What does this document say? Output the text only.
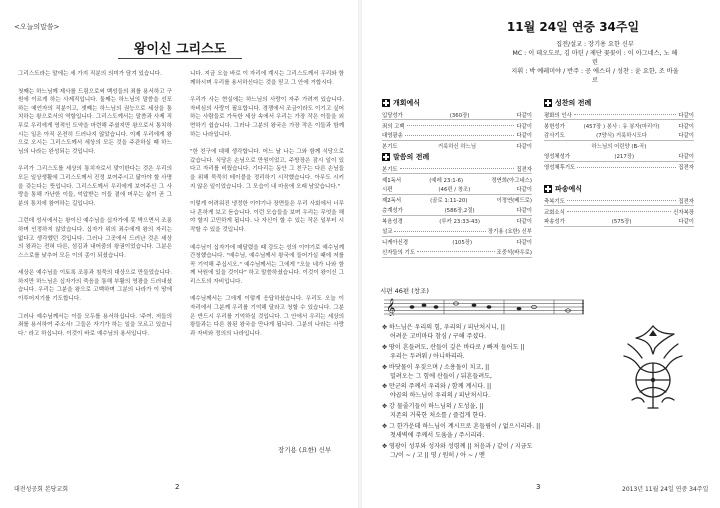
<오늘의말씀>
왕이신 그리스도

그리스도라는 말에는 세 가지 직분의 의미가 담겨 있습니다.

첫째는 하느님께 제사를 드림으로써 백성들의 죄를 용서하고 구원에 이르게 하는 사제직입니다. 둘째는 하느님의 말씀을 선포하는 예언자의 직분이고, 셋째는 하느님의 권능으로 세상을 통치하는 왕으로서의 역할입니다. 그리스도께서는 말씀과 사제 직무로 우리에게 영적인 도약을 마련해 주셨지만 왕으로서 통치하시는 일은 아직 온전히 드러나지 않았습니다. 이제 우리에게 왕으로 오시는 그리스도께서 세상의 모든 것을 주관하실 때 하느님의 나라는 완성되는 것입니다.

우리가 그리스도를 세상의 통치자로서 맞이한다는 것은 우리의 모든 일상생활에 그리스도께서 진정 보여주시고 닮아야 할 사명을 갖는다는 뜻입니다. 그리스도께서 우리에게 보여주신 그 사랑을 통해 가난한 이들, 억압받는 이들 곁에 머무는 삶이 곧 그분의 통치에 참여하는 길입니다.

그런데 성서에서는 왕이신 예수님을 십자가에 못 박으면서 조롱하며 인정하지 않았습니다. 십자가 위의 죄수에게 왕의 자리는 없다고 생각했던 것입니다. 그러나 그곳에서 드러난 것은 세상의 왕과는 전혀 다른, 섬김과 내어줌의 왕권이었습니다. 그분은 스스로를 낮추어 모든 이의 종이 되셨습니다.

세상은 예수님을 이토록 조롱과 침묵의 대상으로 만들었습니다. 하지만 하느님은 십자가의 죽음을 통해 부활의 영광을 드러내셨습니다. 우리는 그분을 왕으로 고백하며 그분의 나라가 이 땅에 이루어지기를 기도합니다.

그러나 예수님께서는 이들 모두를 용서하십니다. '주여, 저들의 죄를 용서하여 주소서! 그들은 자기가 하는 일을 모르고 있습니다.' 라고 하십니다. 이것이 바로 예수님의 용서입니다.

니다. 지금 오늘 바로 이 자리에 계시는 그리스도께서 우리와 함께하시며 우리를 용서하신다는 것을 믿고 그 안에 거합시다.

우리가 사는 현실에는 하느님의 사랑이 자주 가려져 있습니다. 자비심의 사랑이 필요합니다. 경쟁에서 조금이라도 이기고 싶어 하는 사람들로 가득한 세상 속에서 우리는 가장 작은 이들을 외면하기 쉽습니다. 그러나 그분의 왕국은 가장 작은 이들과 함께하는 나라입니다.

"한 친구에 대해 생각합니다. 어느 날 나는 그와 함께 식당으로 갔습니다. 식당은 손님으로 만원이었고, 주방장은 잠시 일이 있다고 자리를 비웠습니다. 기다리는 동안 그 친구는 다른 손님들을 위해 묵묵히 테이블을 정리하기 시작했습니다. 아무도 시키지 않은 일이었습니다. 그 모습이 내 마음에 오래 남았습니다."

이렇게 어려워진 냉정한 이야기나 장면들은 우리 사회에서 너무나 흔하게 보고 듣습니다. 이런 모습들을 보며 우리는 무엇을 해야 할지 고민하게 됩니다. 나 자신이 할 수 있는 작은 일부터 시작할 수 있을 것입니다.

예수님이 십자가에 매달렸을 때 강도는 성의 이야기로 예수님께 간청했습니다. "예수님, 예수님께서 왕국에 들어가실 때에 저를 꼭 기억해 주십시오." 예수님께서는 그에게 "오늘 네가 나와 함께 낙원에 있을 것이다" 하고 말씀하셨습니다. 이것이 왕이신 그리스도의 자비입니다.

예수님께서는 그에게 이렇게 응답하셨습니다. 우리도 오늘 이 자리에서 그분께 우리를 기억해 달라고 청할 수 있습니다. 그분은 반드시 우리를 기억하실 것입니다. 그 안에서 우리는 세상의 왕들과는 다른 참된 왕국을 만나게 됩니다. 그분의 나라는 사랑과 자비와 정의의 나라입니다.

장기용 (요한) 신부
대전성공회 본당교회	2
11월 24일 연중 34주일
집전/설교 : 장기용 요한 신부
MC : 이 데오도로, 김 마틴 / 제단 꽃꽂이 : 이 아그네스, 노 헤린
지휘 : 박 예레미야 / 반주 : 공 에스더 / 성찬 : 윤 요한, 조 바울로
개회예식
입당성가	(360장)	다같이
죄의 고백	다같이
대영광송	다같이
본기도	거룩하신 하느님	다같이
말씀의 전례
본기도	집전자
제1독서	(예레 23:1-6)	정연희(아그네스)
시편	(46편 / 창조)	다같이
제2독서	(골로 1:11-20)	이정연(베드로)
층계성가	(586장,2절)	다같이
복음성경	(루카 23:33-43)	다같이
설교	장기용 (요한) 신부
니케아신경	(105장)	다같이
신자들의 기도	조중석(바우로)
성찬의 전례
평화의 인사	다같이
봉헌성가	(457장 ) 봉사 : 유 봉자(마리아)	다같이
감사기도	(7양식) 거룩하시도다	다같이
하느님의 어린양 (B-곡)
영성체성가	(217장)	다같이
영성체후기도	집전자
파송예식
축복기도	집전자
교회소식	신자복장
파송성가	(575장)	다같이
시편 46편 (창조)
𝄞
✥ 하느님은 우리의 힘, 우리의 / 피난처시니, ||
어려운 고비마다 참심 / 구해 주셨다.
✥ 땅이 흔들려도, 산들이 깊은 바다로 / 빠져 들어도 ||
우리는 두려워 / 아니하리라.
✥ 바닷물이 우짖으며 / 소용돌이 치고, ||
밀려오는 그 힘에 산들이 / 뒤흔들려도,
✥ 만군의 주께서 우리와 / 함께 계시다. ||
야곱의 하느님이 우리의 / 피난처시다.
✥ 강 물줄기들이 하느님의 / 도성을, ||
지존의 거룩한 처소를 / 즐겁게 한다.
✥ 그 한가운데 하느님이 계시므로 흔들림이 / 없으시리라. ||
첫새벽에 주께서 도움을 / 주시리라.
✥ 영광이 성부와 성자와 성령께 || 처음과 / 같이 / 지금도
그/이 ~ / 고 || 영 / 원히 / 아 ~ / 멘
3	2013년 11월 24일 연중 34주일
